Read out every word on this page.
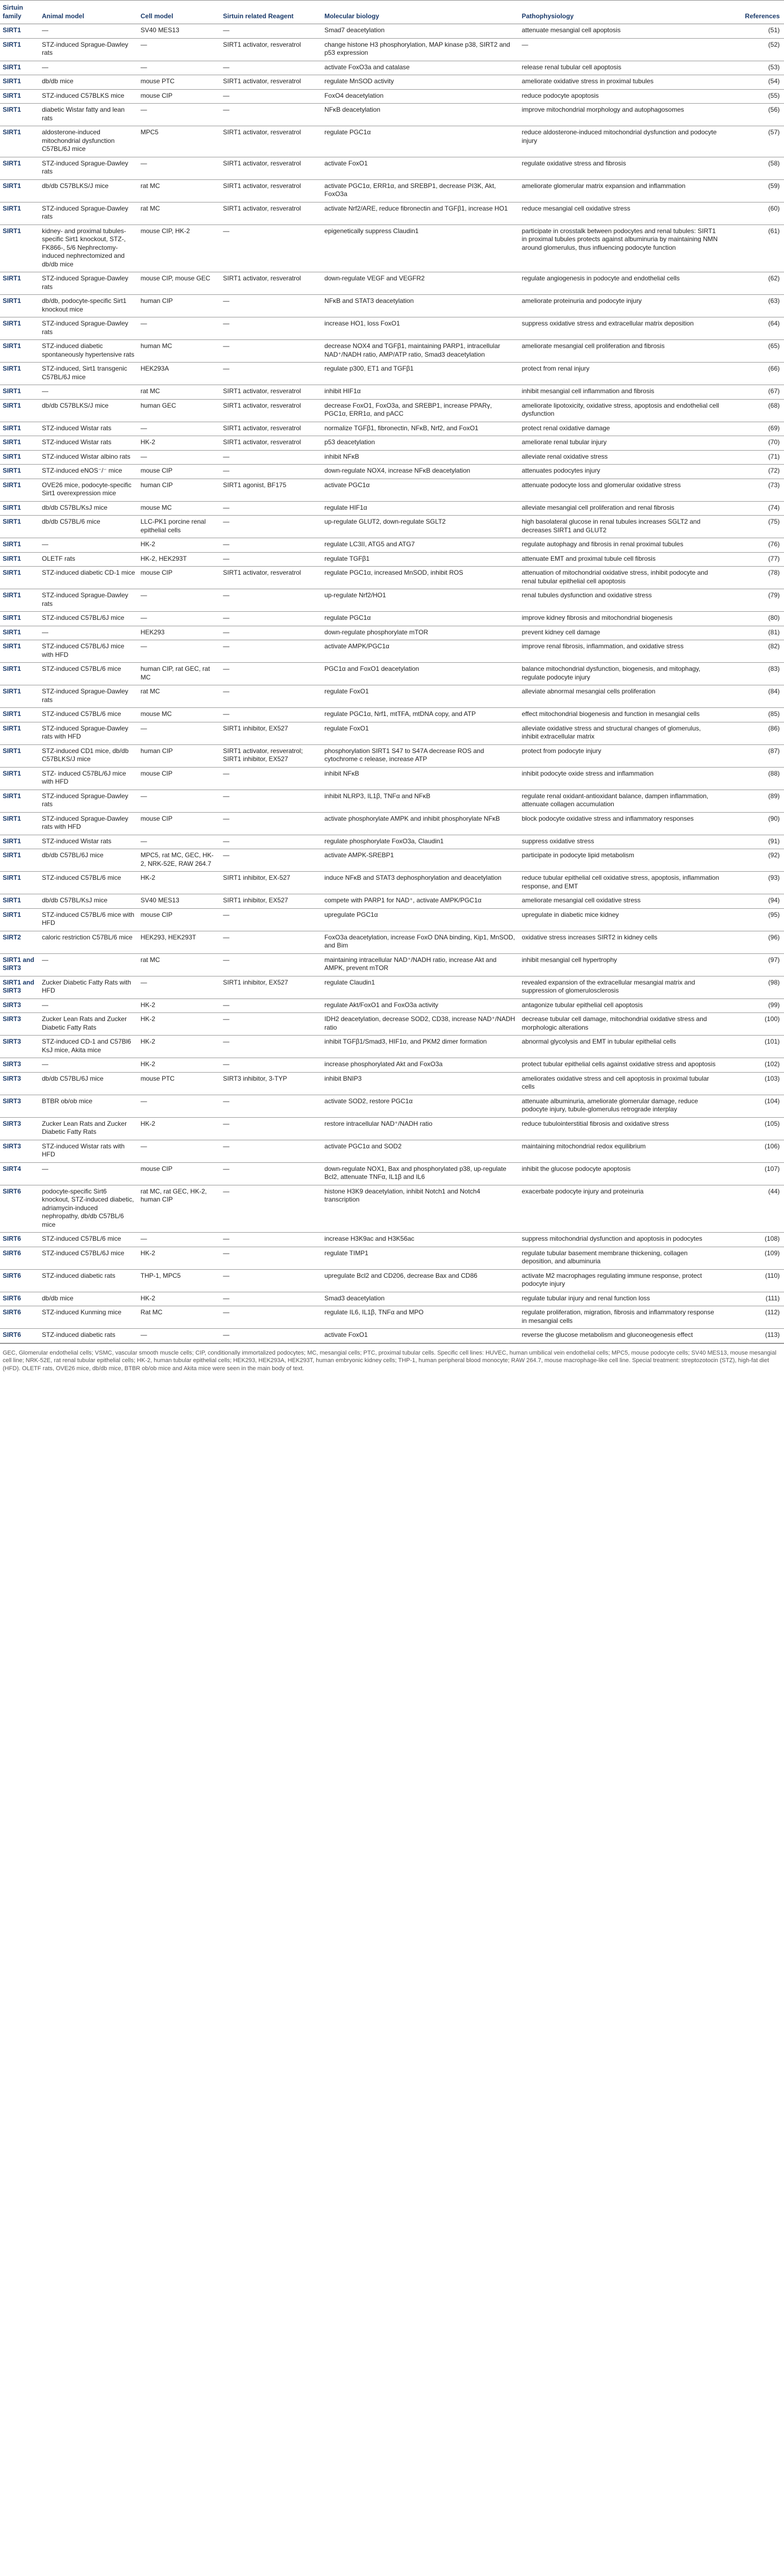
Sirtuin family	Animal model	Cell model	Sirtuin related Reagent	Molecular biology	Pathophysiology	References
SIRT1	—	SV40 MES13	—	Smad7 deacetylation	attenuate mesangial cell apoptosis	(51)
SIRT1	STZ-induced Sprague-Dawley rats	—	SIRT1 activator, resveratrol	change histone H3 phosphorylation, MAP kinase p38, SIRT2 and p53 expression	—	(52)
SIRT1	—	—	—	activate FoxO3a and catalase	release renal tubular cell apoptosis	(53)
SIRT1	db/db mice	mouse PTC	SIRT1 activator, resveratrol	regulate MnSOD activity	ameliorate oxidative stress in proximal tubules	(54)
SIRT1	STZ-induced C57BLKS mice	mouse CIP	—	FoxO4 deacetylation	reduce podocyte apoptosis	(55)
SIRT1	diabetic Wistar fatty and lean rats	—	—	NFκB deacetylation	improve mitochondrial morphology and autophagosomes	(56)
SIRT1	aldosterone-induced mitochondrial dysfunction C57BL/6J mice	MPC5	SIRT1 activator, resveratrol	regulate PGC1α	reduce aldosterone-induced mitochondrial dysfunction and podocyte injury	(57)
SIRT1	STZ-induced Sprague-Dawley rats	—	SIRT1 activator, resveratrol	activate FoxO1	regulate oxidative stress and fibrosis	(58)
SIRT1	db/db C57BLKS/J mice	rat MC	SIRT1 activator, resveratrol	activate PGC1α, ERR1α, and SREBP1, decrease PI3K, Akt, FoxO3a	ameliorate glomerular matrix expansion and inflammation	(59)
SIRT1	STZ-induced Sprague-Dawley rats	rat MC	SIRT1 activator, resveratrol	activate Nrf2/ARE, reduce fibronectin and TGFβ1, increase HO1	reduce mesangial cell oxidative stress	(60)
SIRT1	kidney- and proximal tubules-specific Sirt1 knockout, STZ-, FK866-, 5/6 Nephrectomy-induced nephrectomized and db/db mice	mouse CIP, HK-2	—	epigenetically suppress Claudin1	participate in crosstalk between podocytes and renal tubules: SIRT1 in proximal tubules protects against albuminuria by maintaining NMN around glomerulus, thus influencing podocyte function	(61)
SIRT1	STZ-induced Sprague-Dawley rats	mouse CIP, mouse GEC	SIRT1 activator, resveratrol	down-regulate VEGF and VEGFR2	regulate angiogenesis in podocyte and endothelial cells	(62)
SIRT1	db/db, podocyte-specific Sirt1 knockout mice	human CIP	—	NFκB and STAT3 deacetylation	ameliorate proteinuria and podocyte injury	(63)
SIRT1	STZ-induced Sprague-Dawley rats	—	—	increase HO1, loss FoxO1	suppress oxidative stress and extracellular matrix deposition	(64)
SIRT1	STZ-induced diabetic spontaneously hypertensive rats	human MC	—	decrease NOX4 and TGFβ1, maintaining PARP1, intracellular NAD⁺/NADH ratio, AMP/ATP ratio, Smad3 deacetylation	ameliorate mesangial cell proliferation and fibrosis	(65)
SIRT1	STZ-induced, Sirt1 transgenic C57BL/6J mice	HEK293A	—	regulate p300, ET1 and TGFβ1	protect from renal injury	(66)
SIRT1	—	rat MC	SIRT1 activator, resveratrol	inhibit HIF1α	inhibit mesangial cell inflammation and fibrosis	(67)
SIRT1	db/db C57BLKS/J mice	human GEC	SIRT1 activator, resveratrol	decrease FoxO1, FoxO3a, and SREBP1, increase PPARγ, PGC1α, ERR1α, and pACC	ameliorate lipotoxicity, oxidative stress, apoptosis and endothelial cell dysfunction	(68)
SIRT1	STZ-induced Wistar rats	—	SIRT1 activator, resveratrol	normalize TGFβ1, fibronectin, NFκB, Nrf2, and FoxO1	protect renal oxidative damage	(69)
SIRT1	STZ-induced Wistar rats	HK-2	SIRT1 activator, resveratrol	p53 deacetylation	ameliorate renal tubular injury	(70)
SIRT1	STZ-induced Wistar albino rats	—	—	inhibit NFκB	alleviate renal oxidative stress	(71)
SIRT1	STZ-induced eNOS⁻/⁻ mice	mouse CIP	—	down-regulate NOX4, increase NFκB deacetylation	attenuates podocytes injury	(72)
SIRT1	OVE26 mice, podocyte-specific Sirt1 overexpression mice	human CIP	SIRT1 agonist, BF175	activate PGC1α	attenuate podocyte loss and glomerular oxidative stress	(73)
SIRT1	db/db C57BL/KsJ mice	mouse MC	—	regulate HIF1α	alleviate mesangial cell proliferation and renal fibrosis	(74)
SIRT1	db/db C57BL/6 mice	LLC-PK1 porcine renal epithelial cells	—	up-regulate GLUT2, down-regulate SGLT2	high basolateral glucose in renal tubules increases SGLT2 and decreases SIRT1 and GLUT2	(75)
SIRT1	—	HK-2	—	regulate LC3II, ATG5 and ATG7	regulate autophagy and fibrosis in renal proximal tubules	(76)
SIRT1	OLETF rats	HK-2, HEK293T	—	regulate TGFβ1	attenuate EMT and proximal tubule cell fibrosis	(77)
SIRT1	STZ-induced diabetic CD-1 mice	mouse CIP	SIRT1 activator, resveratrol	regulate PGC1α, increased MnSOD, inhibit ROS	attenuation of mitochondrial oxidative stress, inhibit podocyte and renal tubular epithelial cell apoptosis	(78)
SIRT1	STZ-induced Sprague-Dawley rats	—	—	up-regulate Nrf2/HO1	renal tubules dysfunction and oxidative stress	(79)
SIRT1	STZ-induced C57BL/6J mice	—	—	regulate PGC1α	improve kidney fibrosis and mitochondrial biogenesis	(80)
SIRT1	—	HEK293	—	down-regulate phosphorylate mTOR	prevent kidney cell damage	(81)
SIRT1	STZ-induced C57BL/6J mice with HFD	—	—	activate AMPK/PGC1α	improve renal fibrosis, inflammation, and oxidative stress	(82)
SIRT1	STZ-induced C57BL/6 mice	human CIP, rat GEC, rat MC	—	PGC1α and FoxO1 deacetylation	balance mitochondrial dysfunction, biogenesis, and mitophagy, regulate podocyte injury	(83)
SIRT1	STZ-induced Sprague-Dawley rats	rat MC	—	regulate FoxO1	alleviate abnormal mesangial cells proliferation	(84)
SIRT1	STZ-induced C57BL/6 mice	mouse MC	—	regulate PGC1α, Nrf1, mtTFA, mtDNA copy, and ATP	effect mitochondrial biogenesis and function in mesangial cells	(85)
SIRT1	STZ-induced Sprague-Dawley rats with HFD	—	SIRT1 inhibitor, EX527	regulate FoxO1	alleviate oxidative stress and structural changes of glomerulus, inhibit extracellular matrix	(86)
SIRT1	STZ-induced CD1 mice, db/db C57BLKS/J mice	human CIP	SIRT1 activator, resveratrol; SIRT1 inhibitor, EX527	phosphorylation SIRT1 S47 to S47A decrease ROS and cytochrome c release, increase ATP	protect from podocyte injury	(87)
SIRT1	STZ- induced C57BL/6J mice with HFD	mouse CIP	—	inhibit NFκB	inhibit podocyte oxide stress and inflammation	(88)
SIRT1	STZ-induced Sprague-Dawley rats	—	—	inhibit NLRP3, IL1β, TNFα and NFκB	regulate renal oxidant-antioxidant balance, dampen inflammation, attenuate collagen accumulation	(89)
SIRT1	STZ-induced Sprague-Dawley rats with HFD	mouse CIP	—	activate phosphorylate AMPK and inhibit phosphorylate NFκB	block podocyte oxidative stress and inflammatory responses	(90)
SIRT1	STZ-induced Wistar rats	—	—	regulate phosphorylate FoxO3a, Claudin1	suppress oxidative stress	(91)
SIRT1	db/db C57BL/6J mice	MPC5, rat MC, GEC, HK-2, NRK-52E, RAW 264.7	—	activate AMPK-SREBP1	participate in podocyte lipid metabolism	(92)
SIRT1	STZ-induced C57BL/6 mice	HK-2	SIRT1 inhibitor, EX-527	induce NFκB and STAT3 dephosphorylation and deacetylation	reduce tubular epithelial cell oxidative stress, apoptosis, inflammation response, and EMT	(93)
SIRT1	db/db C57BL/KsJ mice	SV40 MES13	SIRT1 inhibitor, EX527	compete with PARP1 for NAD⁺, activate AMPK/PGC1α	ameliorate mesangial cell oxidative stress	(94)
SIRT1	STZ-induced C57BL/6 mice with HFD	mouse CIP	—	upregulate PGC1α	upregulate in diabetic mice kidney	(95)
SIRT2	caloric restriction C57BL/6 mice	HEK293, HEK293T	—	FoxO3a deacetylation, increase FoxO DNA binding, Kip1, MnSOD, and Bim	oxidative stress increases SIRT2 in kidney cells	(96)
SIRT1 and SIRT3	—	rat MC	—	maintaining intracellular NAD⁺/NADH ratio, increase Akt and AMPK, prevent mTOR	inhibit mesangial cell hypertrophy	(97)
SIRT1 and SIRT3	Zucker Diabetic Fatty Rats with HFD	—	SIRT1 inhibitor, EX527	regulate Claudin1	revealed expansion of the extracellular mesangial matrix and suppression of glomerulosclerosis	(98)
SIRT3	—	HK-2	—	regulate Akt/FoxO1 and FoxO3a activity	antagonize tubular epithelial cell apoptosis	(99)
SIRT3	Zucker Lean Rats and Zucker Diabetic Fatty Rats	HK-2	—	IDH2 deacetylation, decrease SOD2, CD38, increase NAD⁺/NADH ratio	decrease tubular cell damage, mitochondrial oxidative stress and morphologic alterations	(100)
SIRT3	STZ-induced CD-1 and C57Bl6 KsJ mice, Akita mice	HK-2	—	inhibit TGFβ1/Smad3, HIF1α, and PKM2 dimer formation	abnormal glycolysis and EMT in tubular epithelial cells	(101)
SIRT3	—	HK-2	—	increase phosphorylated Akt and FoxO3a	protect tubular epithelial cells against oxidative stress and apoptosis	(102)
SIRT3	db/db C57BL/6J mice	mouse PTC	SIRT3 inhibitor, 3-TYP	inhibit BNIP3	ameliorates oxidative stress and cell apoptosis in proximal tubular cells	(103)
SIRT3	BTBR ob/ob mice	—	—	activate SOD2, restore PGC1α	attenuate albuminuria, ameliorate glomerular damage, reduce podocyte injury, tubule-glomerulus retrograde interplay	(104)
SIRT3	Zucker Lean Rats and Zucker Diabetic Fatty Rats	HK-2	—	restore intracellular NAD⁺/NADH ratio	reduce tubulointerstitial fibrosis and oxidative stress	(105)
SIRT3	STZ-induced Wistar rats with HFD	—	—	activate PGC1α and SOD2	maintaining mitochondrial redox equilibrium	(106)
SIRT4	—	mouse CIP	—	down-regulate NOX1, Bax and phosphorylated p38, up-regulate Bcl2, attenuate TNFα, IL1β and IL6	inhibit the glucose podocyte apoptosis	(107)
SIRT6	podocyte-specific Sirt6 knockout, STZ-induced diabetic, adriamycin-induced nephropathy, db/db C57BL/6 mice	rat MC, rat GEC, HK-2, human CIP	—	histone H3K9 deacetylation, inhibit Notch1 and Notch4 transcription	exacerbate podocyte injury and proteinuria	(44)
SIRT6	STZ-induced C57BL/6 mice	—	—	increase H3K9ac and H3K56ac	suppress mitochondrial dysfunction and apoptosis in podocytes	(108)
SIRT6	STZ-induced C57BL/6J mice	HK-2	—	regulate TIMP1	regulate tubular basement membrane thickening, collagen deposition, and albuminuria	(109)
SIRT6	STZ-induced diabetic rats	THP-1, MPC5	—	upregulate Bcl2 and CD206, decrease Bax and CD86	activate M2 macrophages regulating immune response, protect podocyte injury	(110)
SIRT6	db/db mice	HK-2	—	Smad3 deacetylation	regulate tubular injury and renal function loss	(111)
SIRT6	STZ-induced Kunming mice	Rat MC	—	regulate IL6, IL1β, TNFα and MPO	regulate proliferation, migration, fibrosis and inflammatory response in mesangial cells	(112)
SIRT6	STZ-induced diabetic rats	—	—	activate FoxO1	reverse the glucose metabolism and gluconeogenesis effect	(113)
GEC, Glomerular endothelial cells; VSMC, vascular smooth muscle cells; CIP, conditionally immortalized podocytes; MC, mesangial cells; PTC, proximal tubular cells. Specific cell lines: HUVEC, human umbilical vein endothelial cells; MPC5, mouse podocyte cells; SV40 MES13, mouse mesangial cell line; NRK-52E, rat renal tubular epithelial cells; HK-2, human tubular epithelial cells; HEK293, HEK293A, HEK293T, human embryonic kidney cells; THP-1, human peripheral blood monocyte; RAW 264.7, mouse macrophage-like cell line. Special treatment: streptozotocin (STZ), high-fat diet (HFD). OLETF rats, OVE26 mice, db/db mice, BTBR ob/ob mice and Akita mice were seen in the main body of text.
